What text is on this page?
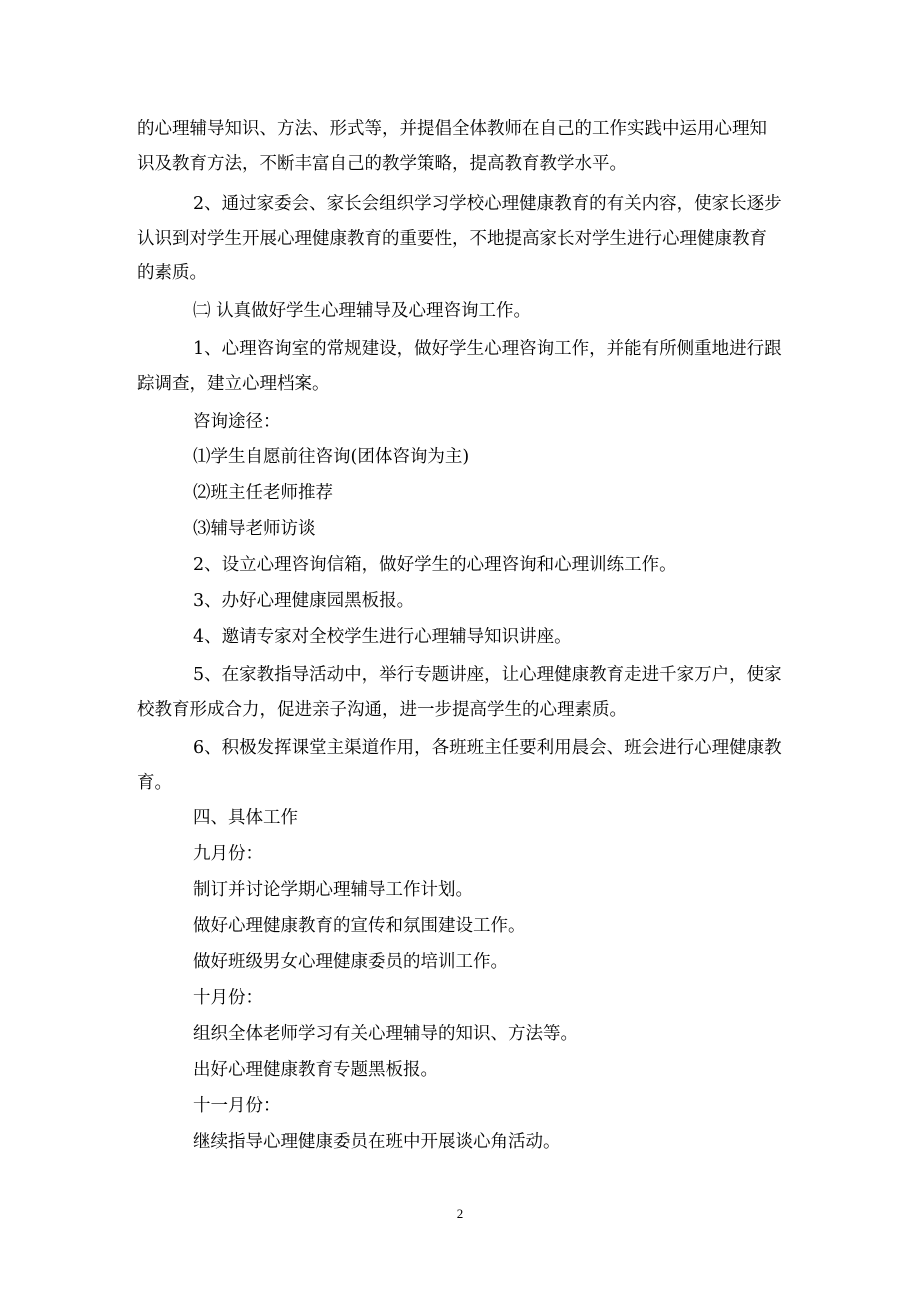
的心理辅导知识、方法、形式等，并提倡全体教师在自己的工作实践中运用心理知识及教育方法，不断丰富自己的教学策略，提高教育教学水平。

2、通过家委会、家长会组织学习学校心理健康教育的有关内容，使家长逐步认识到对学生开展心理健康教育的重要性，不地提高家长对学生进行心理健康教育的素质。

㈡ 认真做好学生心理辅导及心理咨询工作。

1、心理咨询室的常规建设，做好学生心理咨询工作，并能有所侧重地进行跟踪调查，建立心理档案。

咨询途径：

⑴学生自愿前往咨询(团体咨询为主)

⑵班主任老师推荐

⑶辅导老师访谈

2、设立心理咨询信箱，做好学生的心理咨询和心理训练工作。

3、办好心理健康园黑板报。

4、邀请专家对全校学生进行心理辅导知识讲座。

5、在家教指导活动中，举行专题讲座，让心理健康教育走进千家万户，使家校教育形成合力，促进亲子沟通，进一步提高学生的心理素质。

6、积极发挥课堂主渠道作用，各班班主任要利用晨会、班会进行心理健康教育。

四、具体工作

九月份：

制订并讨论学期心理辅导工作计划。

做好心理健康教育的宣传和氛围建设工作。

做好班级男女心理健康委员的培训工作。

十月份：

组织全体老师学习有关心理辅导的知识、方法等。

出好心理健康教育专题黑板报。

十一月份：

继续指导心理健康委员在班中开展谈心角活动。

2
